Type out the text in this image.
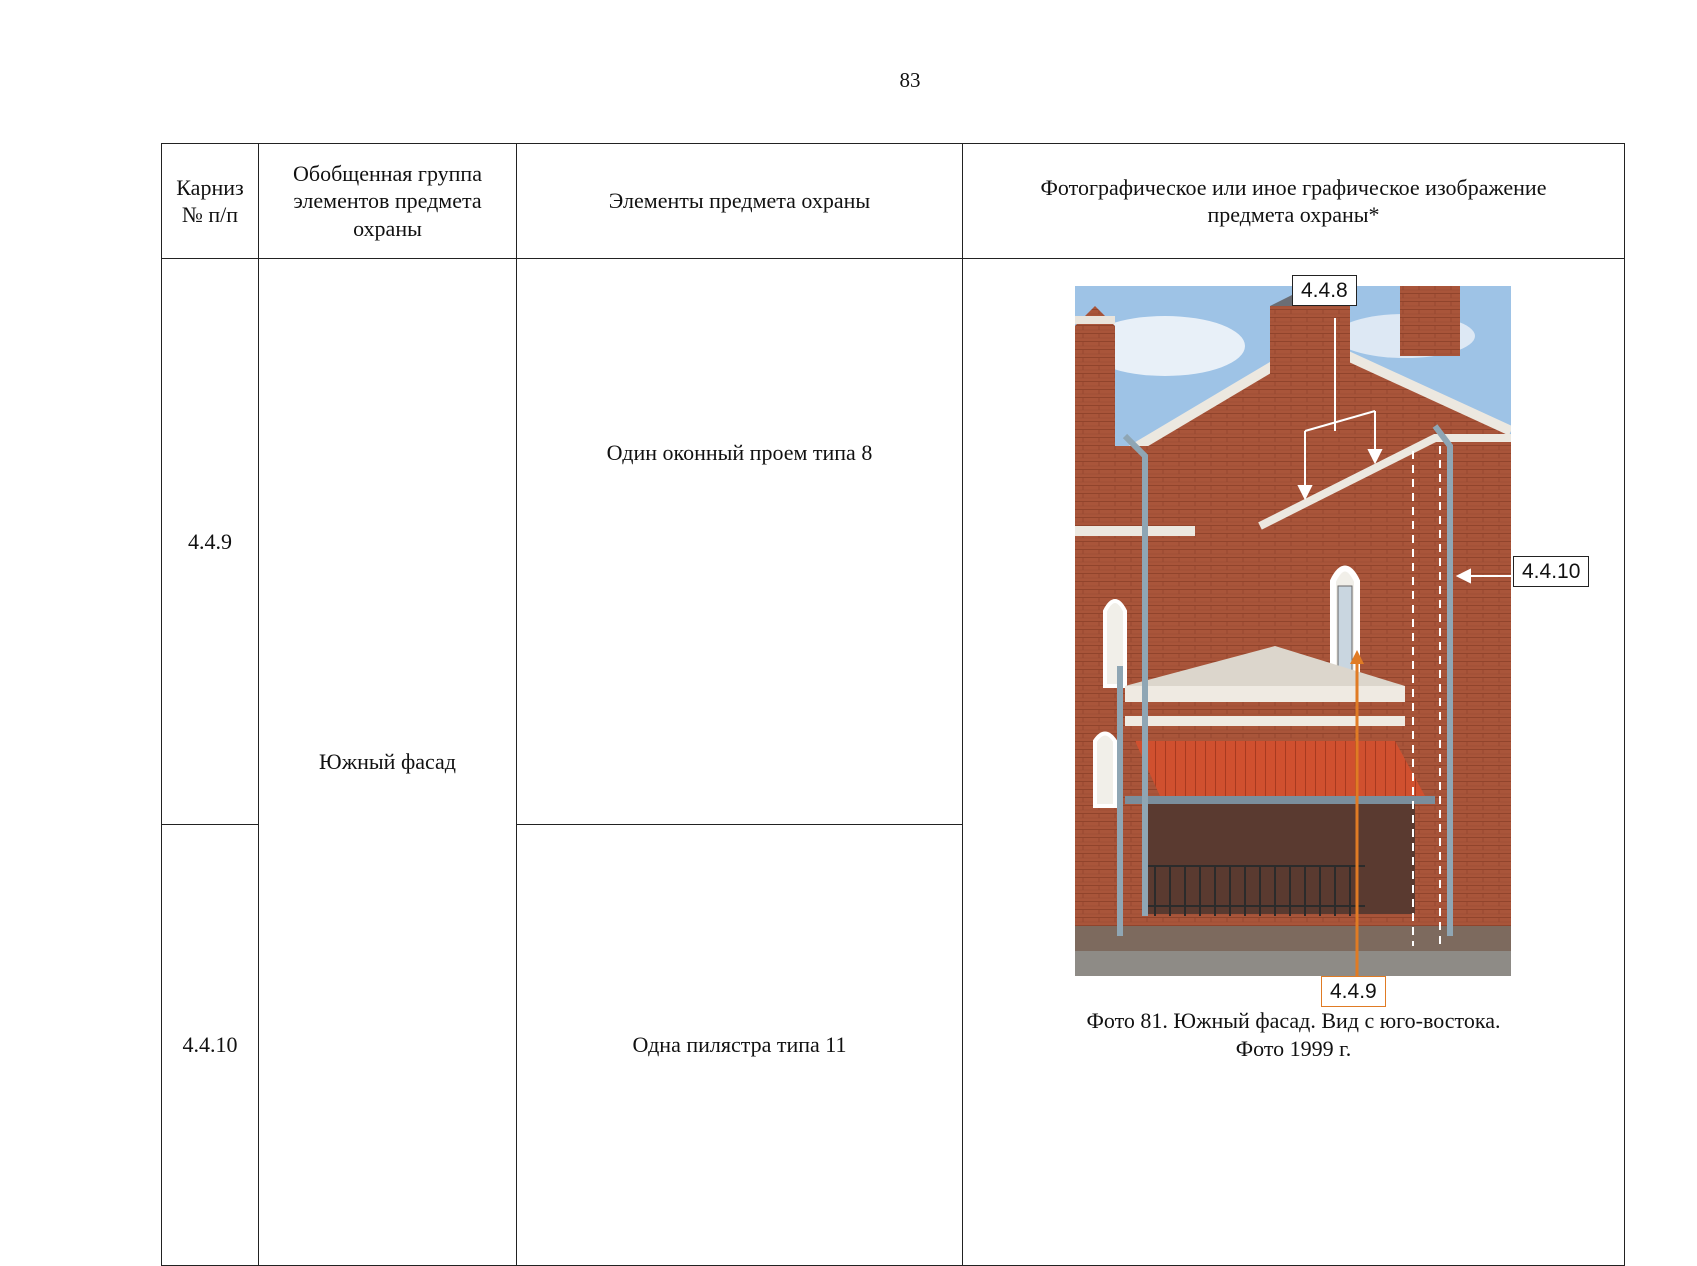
83
Карниз № п/п	Обобщенная группа элементов предмета охраны	Элементы предмета охраны	Фотографическое или иное графическое изображение предмета охраны*
4.4.9	Южный фасад	Один оконный проем типа 8	4.4.8
4.4.10
4.4.9
Фото 81. Южный фасад. Вид с юго-востока.
Фото 1999 г.

4.4.10		Одна пилястра типа 11	
